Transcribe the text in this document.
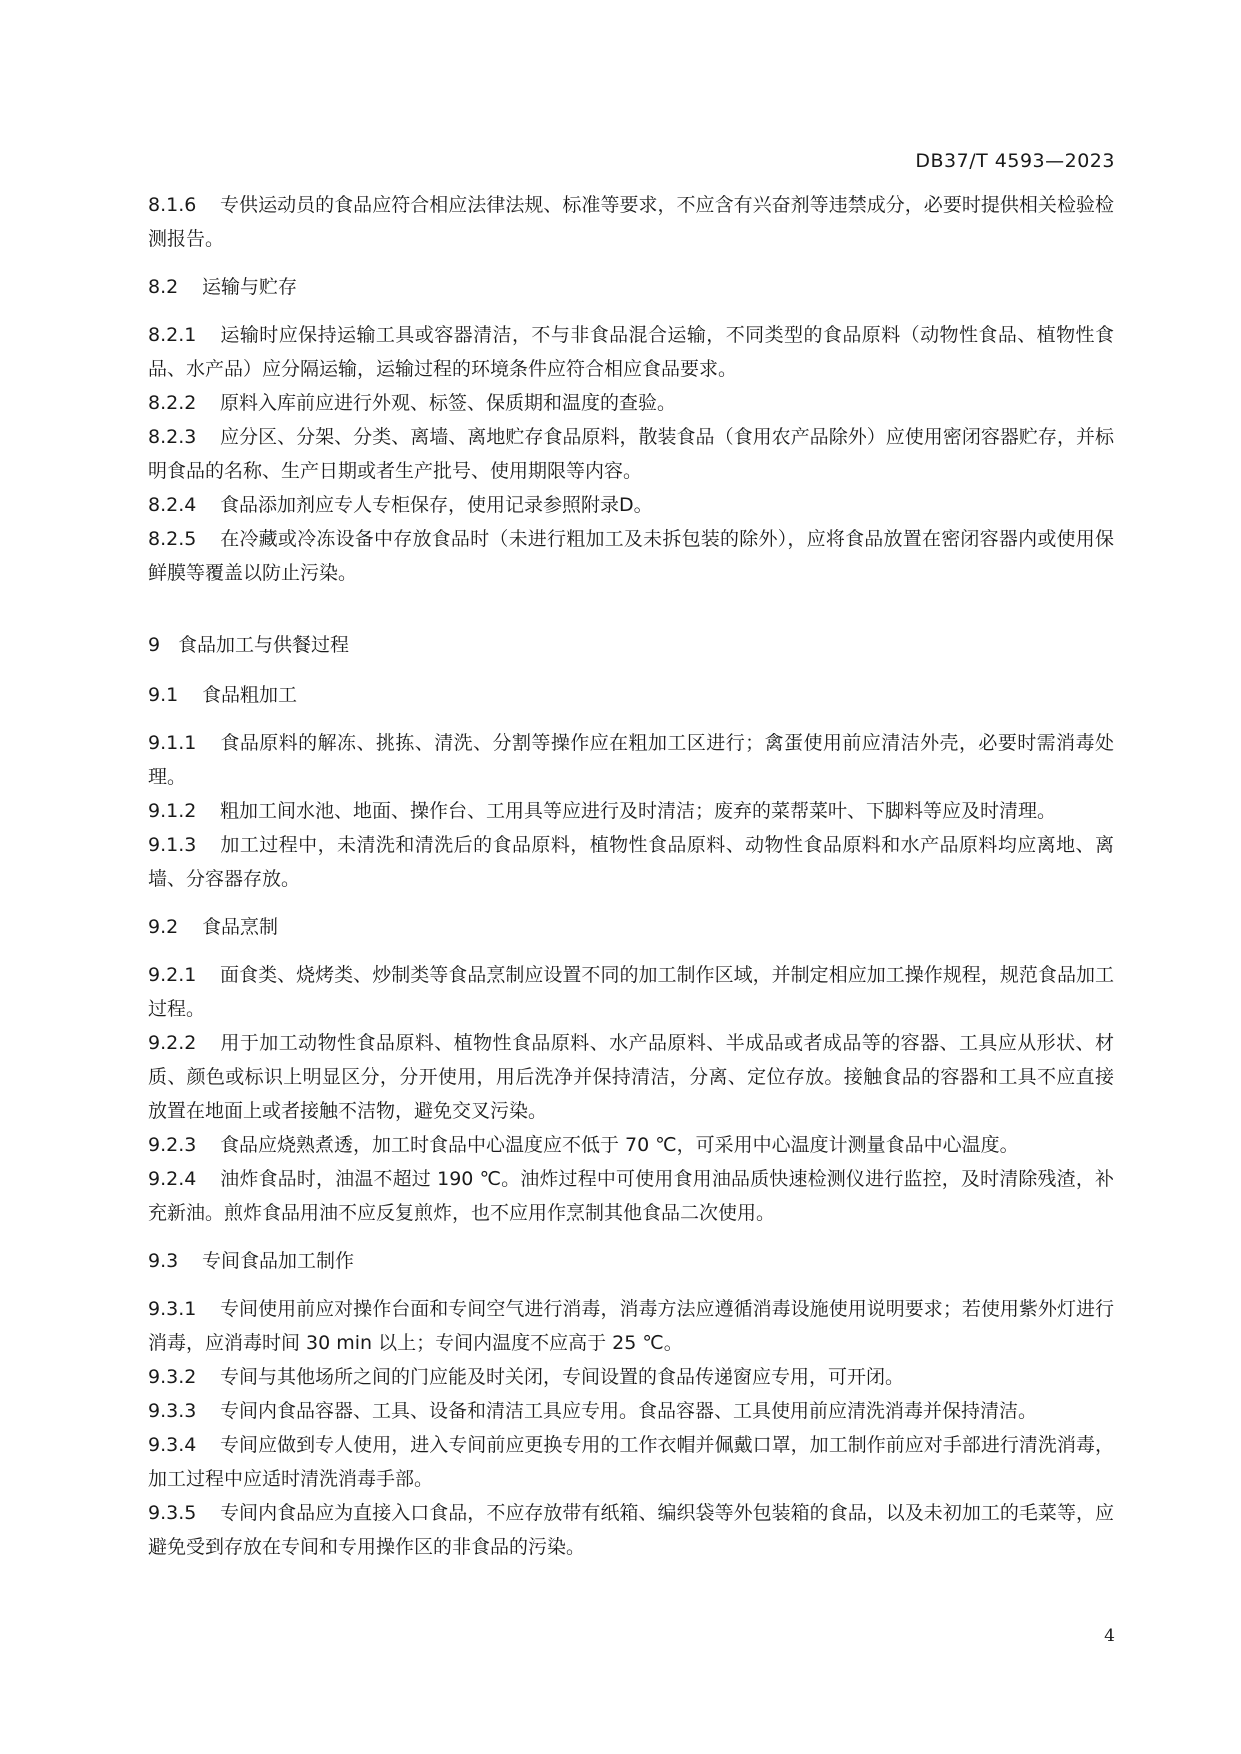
DB37/T 4593—2023
8.1.6 专供运动员的食品应符合相应法律法规、标准等要求，不应含有兴奋剂等违禁成分，必要时提供相关检验检测报告。
8.2 运输与贮存
8.2.1 运输时应保持运输工具或容器清洁，不与非食品混合运输，不同类型的食品原料（动物性食品、植物性食品、水产品）应分隔运输，运输过程的环境条件应符合相应食品要求。
8.2.2 原料入库前应进行外观、标签、保质期和温度的查验。
8.2.3 应分区、分架、分类、离墙、离地贮存食品原料，散装食品（食用农产品除外）应使用密闭容器贮存，并标明食品的名称、生产日期或者生产批号、使用期限等内容。
8.2.4 食品添加剂应专人专柜保存，使用记录参照附录D。
8.2.5 在冷藏或冷冻设备中存放食品时（未进行粗加工及未拆包装的除外），应将食品放置在密闭容器内或使用保鲜膜等覆盖以防止污染。
9 食品加工与供餐过程
9.1 食品粗加工
9.1.1 食品原料的解冻、挑拣、清洗、分割等操作应在粗加工区进行；禽蛋使用前应清洁外壳，必要时需消毒处理。
9.1.2 粗加工间水池、地面、操作台、工用具等应进行及时清洁；废弃的菜帮菜叶、下脚料等应及时清理。
9.1.3 加工过程中，未清洗和清洗后的食品原料，植物性食品原料、动物性食品原料和水产品原料均应离地、离墙、分容器存放。
9.2 食品烹制
9.2.1 面食类、烧烤类、炒制类等食品烹制应设置不同的加工制作区域，并制定相应加工操作规程，规范食品加工过程。
9.2.2 用于加工动物性食品原料、植物性食品原料、水产品原料、半成品或者成品等的容器、工具应从形状、材质、颜色或标识上明显区分，分开使用，用后洗净并保持清洁，分离、定位存放。接触食品的容器和工具不应直接放置在地面上或者接触不洁物，避免交叉污染。
9.2.3 食品应烧熟煮透，加工时食品中心温度应不低于 70 ℃，可采用中心温度计测量食品中心温度。
9.2.4 油炸食品时，油温不超过 190 ℃。油炸过程中可使用食用油品质快速检测仪进行监控，及时清除残渣，补充新油。煎炸食品用油不应反复煎炸，也不应用作烹制其他食品二次使用。
9.3 专间食品加工制作
9.3.1 专间使用前应对操作台面和专间空气进行消毒，消毒方法应遵循消毒设施使用说明要求；若使用紫外灯进行消毒，应消毒时间 30 min 以上；专间内温度不应高于 25 ℃。
9.3.2 专间与其他场所之间的门应能及时关闭，专间设置的食品传递窗应专用，可开闭。
9.3.3 专间内食品容器、工具、设备和清洁工具应专用。食品容器、工具使用前应清洗消毒并保持清洁。
9.3.4 专间应做到专人使用，进入专间前应更换专用的工作衣帽并佩戴口罩，加工制作前应对手部进行清洗消毒，加工过程中应适时清洗消毒手部。
9.3.5 专间内食品应为直接入口食品，不应存放带有纸箱、编织袋等外包装箱的食品，以及未初加工的毛菜等，应避免受到存放在专间和专用操作区的非食品的污染。
4
